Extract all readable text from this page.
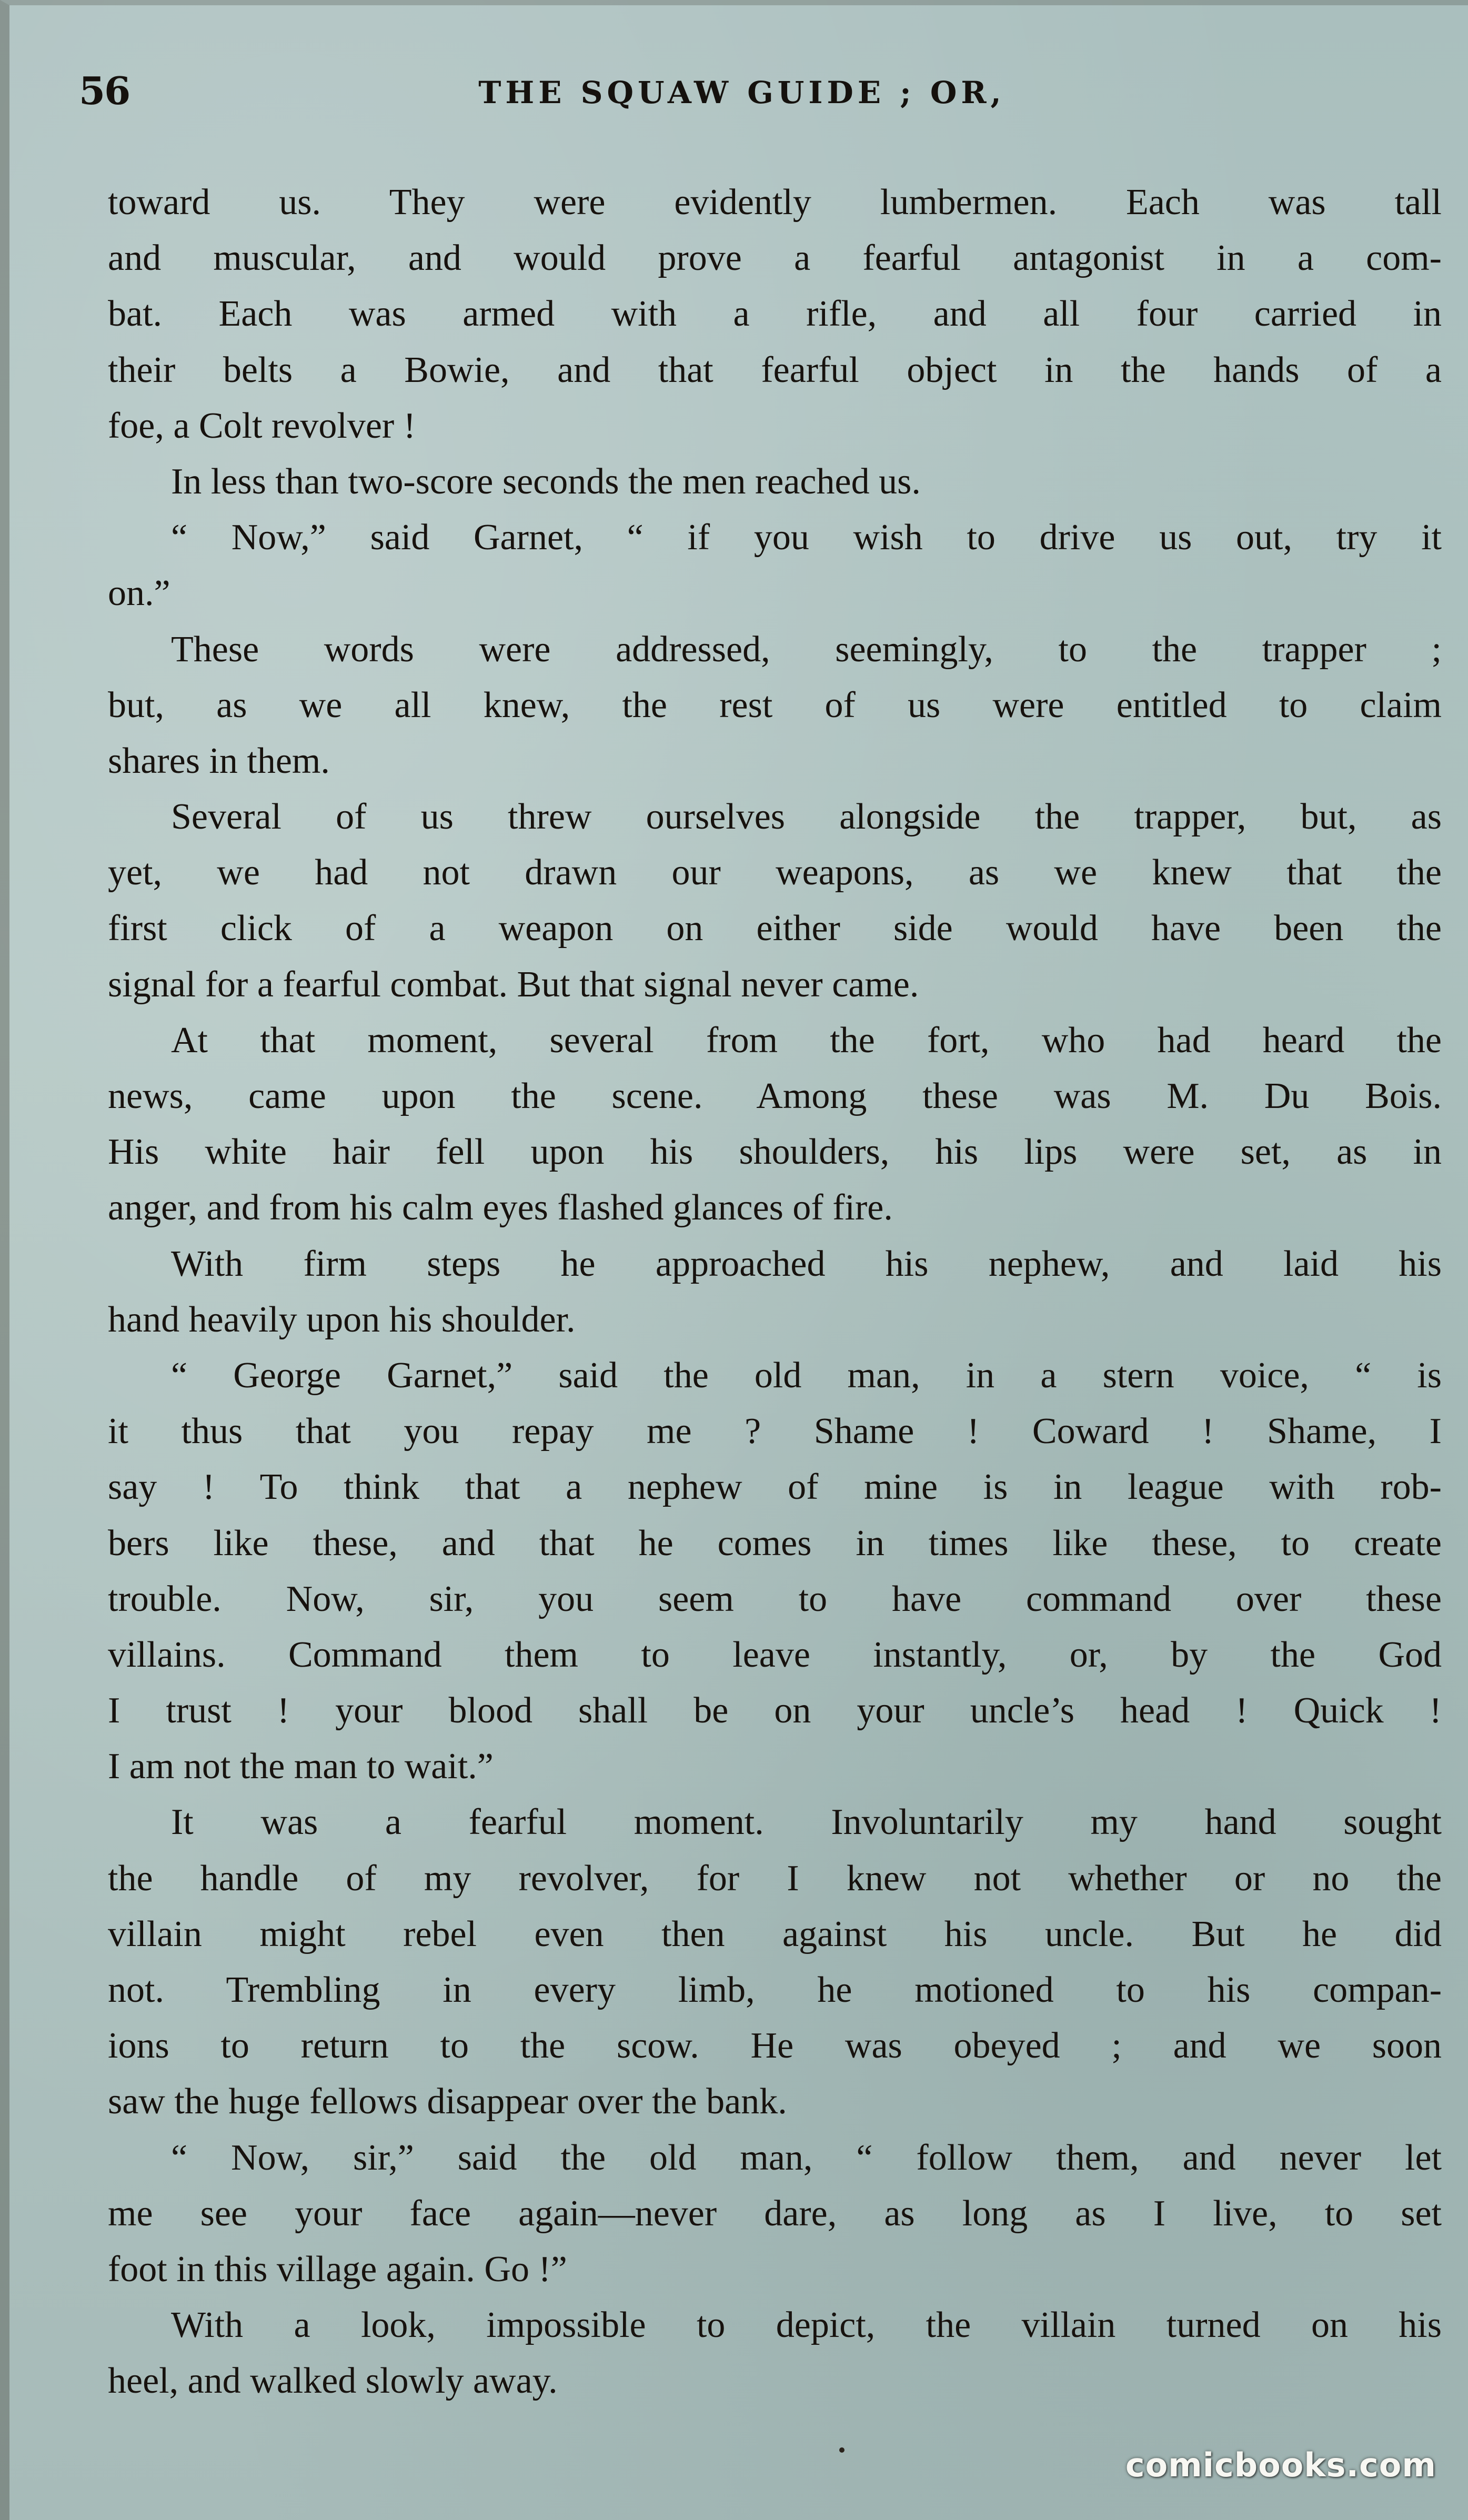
56	THE SQUAW GUIDE ; OR,
toward us. They were evidently lumbermen. Each was tall
and muscular, and would prove a fearful antagonist in a com-
bat. Each was armed with a rifle, and all four carried in
their belts a Bowie, and that fearful object in the hands of a
foe, a Colt revolver !
In less than two-score seconds the men reached us.
“ Now,” said Garnet, “ if you wish to drive us out, try it
on.”
These words were addressed, seemingly, to the trapper ;
but, as we all knew, the rest of us were entitled to claim
shares in them.
Several of us threw ourselves alongside the trapper, but, as
yet, we had not drawn our weapons, as we knew that the
first click of a weapon on either side would have been the
signal for a fearful combat. But that signal never came.
At that moment, several from the fort, who had heard the
news, came upon the scene. Among these was M. Du Bois.
His white hair fell upon his shoulders, his lips were set, as in
anger, and from his calm eyes flashed glances of fire.
With firm steps he approached his nephew, and laid his
hand heavily upon his shoulder.
“ George Garnet,” said the old man, in a stern voice, “ is
it thus that you repay me ? Shame ! Coward ! Shame, I
say ! To think that a nephew of mine is in league with rob-
bers like these, and that he comes in times like these, to create
trouble. Now, sir, you seem to have command over these
villains. Command them to leave instantly, or, by the God
I trust ! your blood shall be on your uncle’s head ! Quick !
I am not the man to wait.”
It was a fearful moment. Involuntarily my hand sought
the handle of my revolver, for I knew not whether or no the
villain might rebel even then against his uncle. But he did
not. Trembling in every limb, he motioned to his compan-
ions to return to the scow. He was obeyed ; and we soon
saw the huge fellows disappear over the bank.
“ Now, sir,” said the old man, “ follow them, and never let
me see your face again—never dare, as long as I live, to set
foot in this village again. Go !”
With a look, impossible to depict, the villain turned on his
heel, and walked slowly away.
comicbooks.com
